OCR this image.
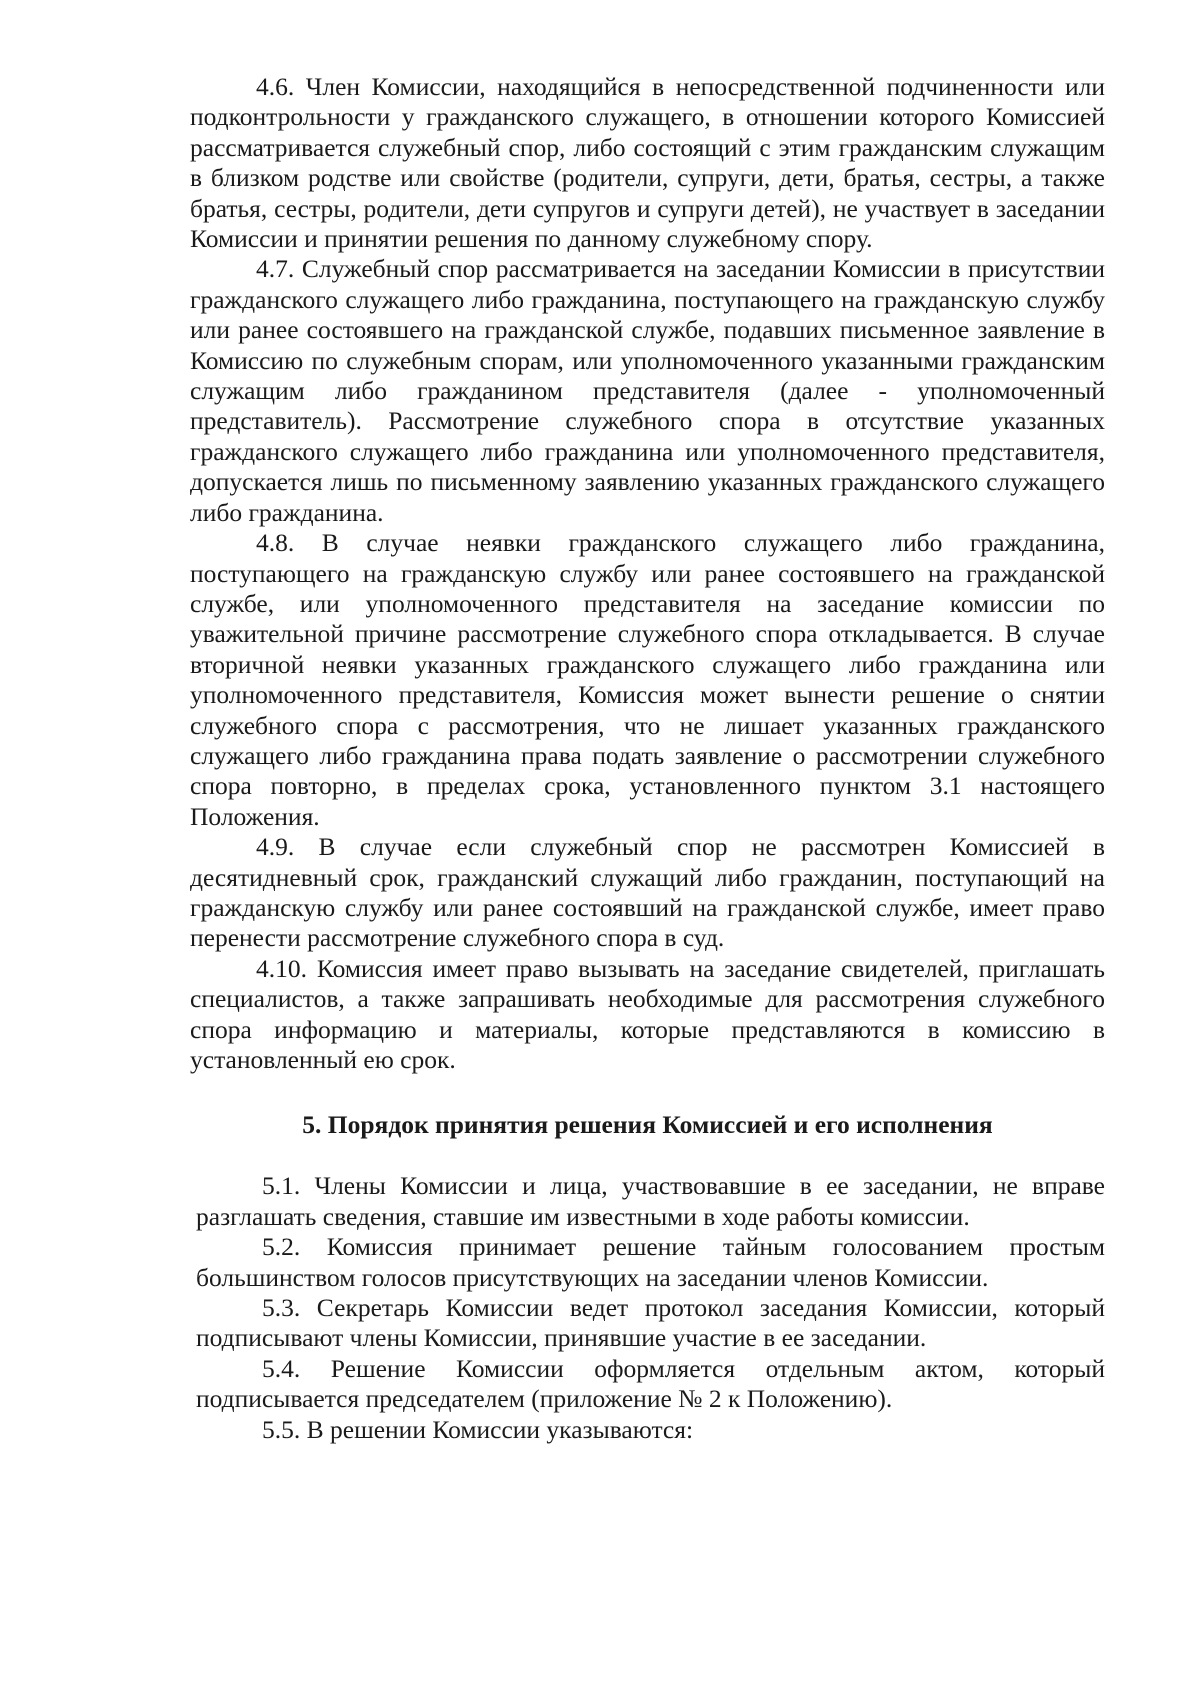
4.6. Член Комиссии, находящийся в непосредственной подчиненности или подконтрольности у гражданского служащего, в отношении которого Комиссией рассматривается служебный спор, либо состоящий с этим гражданским служащим в близком родстве или свойстве (родители, супруги, дети, братья, сестры, а также братья, сестры, родители, дети супругов и супруги детей), не участвует в заседании Комиссии и принятии решения по данному служебному спору.

4.7. Служебный спор рассматривается на заседании Комиссии в присутствии гражданского служащего либо гражданина, поступающего на гражданскую службу или ранее состоявшего на гражданской службе, подавших письменное заявление в Комиссию по служебным спорам, или уполномоченного указанными гражданским служащим либо гражданином представителя (далее - уполномоченный представитель). Рассмотрение служебного спора в отсутствие указанных гражданского служащего либо гражданина или уполномоченного представителя, допускается лишь по письменному заявлению указанных гражданского служащего либо гражданина.

4.8. В случае неявки гражданского служащего либо гражданина, поступающего на гражданскую службу или ранее состоявшего на гражданской службе, или уполномоченного представителя на заседание комиссии по уважительной причине рассмотрение служебного спора откладывается. В случае вторичной неявки указанных гражданского служащего либо гражданина или уполномоченного представителя, Комиссия может вынести решение о снятии служебного спора с рассмотрения, что не лишает указанных гражданского служащего либо гражданина права подать заявление о рассмотрении служебного спора повторно, в пределах срока, установленного пунктом 3.1 настоящего Положения.

4.9. В случае если служебный спор не рассмотрен Комиссией в десятидневный срок, гражданский служащий либо гражданин, поступающий на гражданскую службу или ранее состоявший на гражданской службе, имеет право перенести рассмотрение служебного спора в суд.

4.10. Комиссия имеет право вызывать на заседание свидетелей, приглашать специалистов, а также запрашивать необходимые для рассмотрения служебного спора информацию и материалы, которые представляются в комиссию в установленный ею срок.

5. Порядок принятия решения Комиссией и его исполнения

5.1. Члены Комиссии и лица, участвовавшие в ее заседании, не вправе разглашать сведения, ставшие им известными в ходе работы комиссии.

5.2. Комиссия принимает решение тайным голосованием простым большинством голосов присутствующих на заседании членов Комиссии.

5.3. Секретарь Комиссии ведет протокол заседания Комиссии, который подписывают члены Комиссии, принявшие участие в ее заседании.

5.4. Решение Комиссии оформляется отдельным актом, который подписывается председателем (приложение № 2 к Положению).

5.5. В решении Комиссии указываются:
